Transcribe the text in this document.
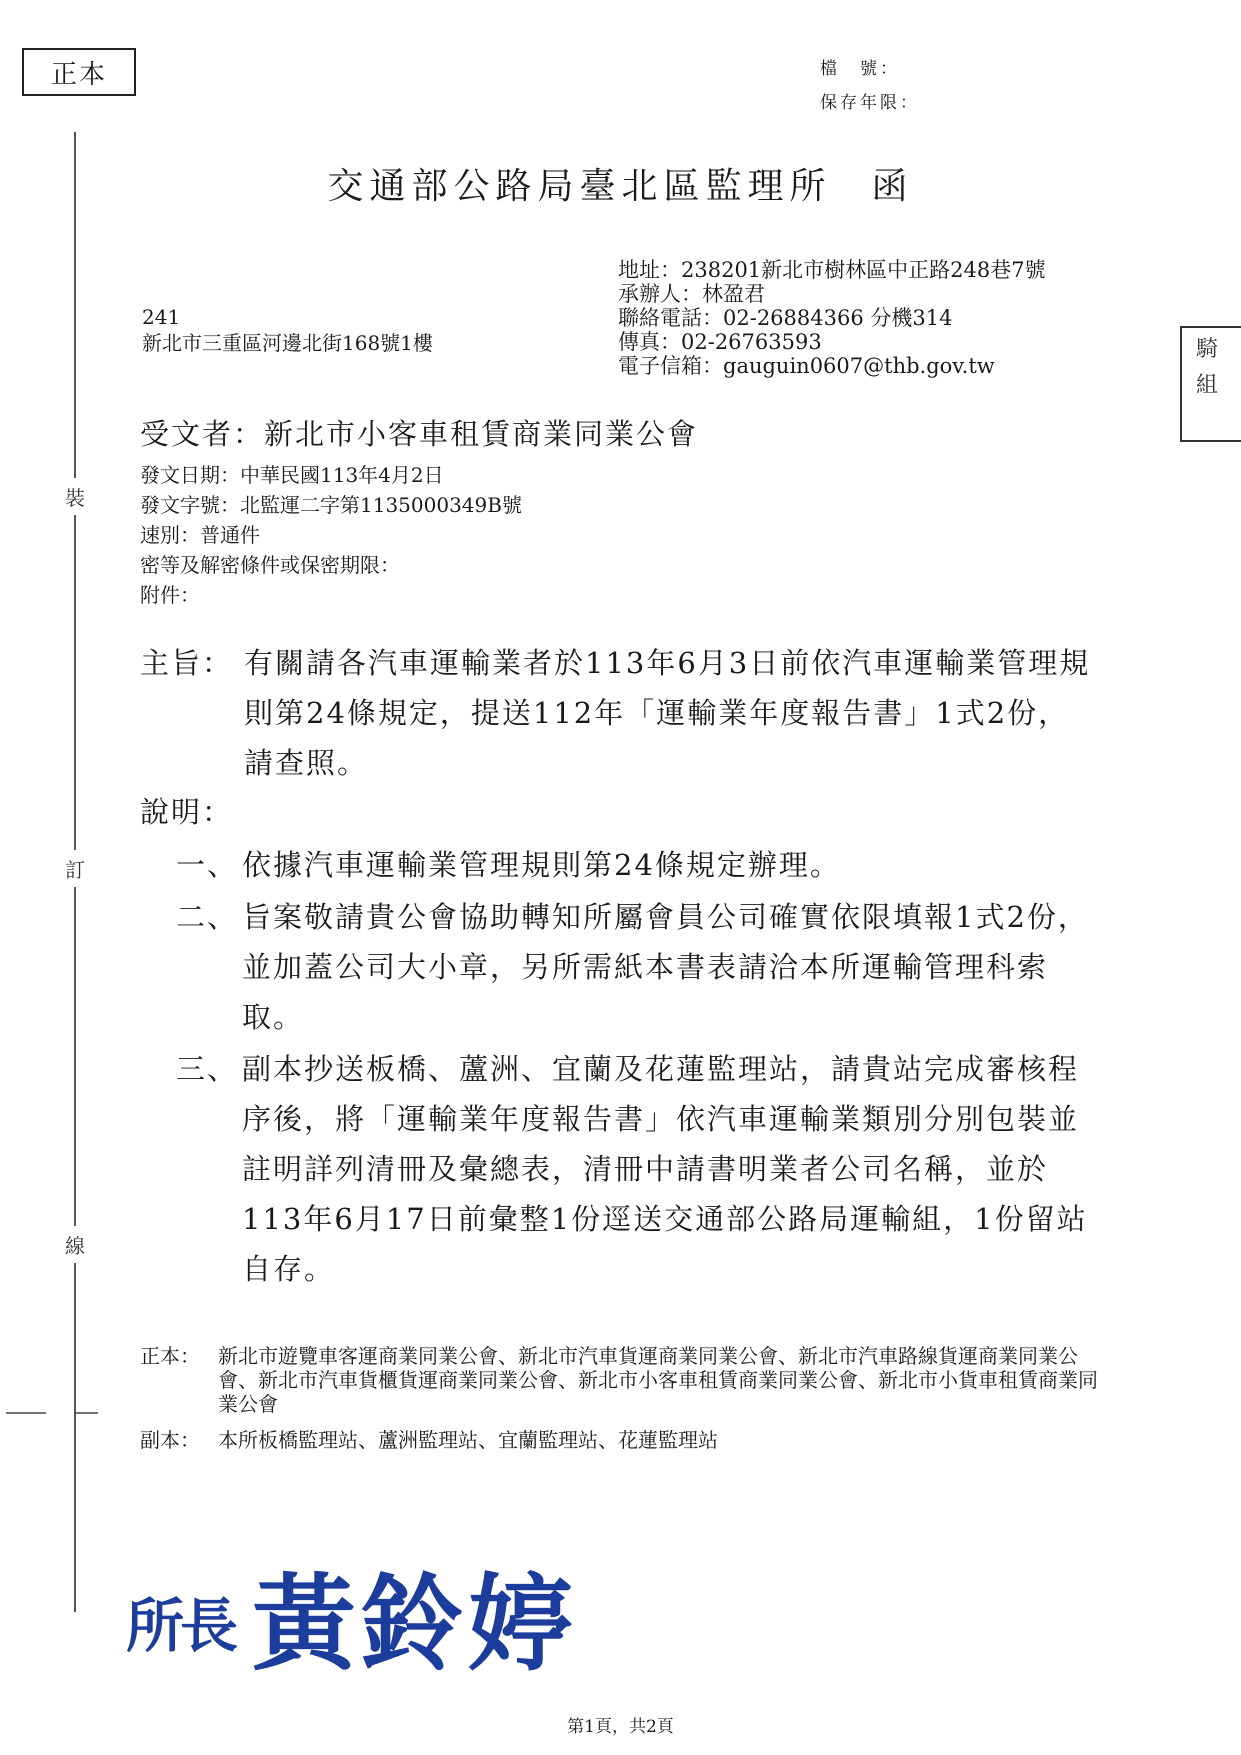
正本	檔　號：
保存年限：
裝
訂
線
交通部公路局臺北區監理所 函
地址：238201新北市樹林區中正路248巷7號
承辦人：林盈君
聯絡電話：02-26884366 分機314
傳真：02-26763593
電子信箱：gauguin0607@thb.gov.tw
241
新北市三重區河邊北街168號1樓	騎
組
受文者：新北市小客車租賃商業同業公會
發文日期：中華民國113年4月2日
發文字號：北監運二字第1135000349B號
速別：普通件
密等及解密條件或保密期限：
附件：
主旨： 有關請各汽車運輸業者於113年6月3日前依汽車運輸業管理規則第24條規定，提送112年「運輸業年度報告書」1式2份，請查照。
說明：
一、 依據汽車運輸業管理規則第24條規定辦理。
二、 旨案敬請貴公會協助轉知所屬會員公司確實依限填報1式2份，並加蓋公司大小章，另所需紙本書表請洽本所運輸管理科索取。
三、 副本抄送板橋、蘆洲、宜蘭及花蓮監理站，請貴站完成審核程序後，將「運輸業年度報告書」依汽車運輸業類別分別包裝並註明詳列清冊及彙總表，清冊中請書明業者公司名稱，並於113年6月17日前彙整1份逕送交通部公路局運輸組，1份留站自存。
正本： 新北市遊覽車客運商業同業公會、新北市汽車貨運商業同業公會、新北市汽車路線貨運商業同業公會、新北市汽車貨櫃貨運商業同業公會、新北市小客車租賃商業同業公會、新北市小貨車租賃商業同業公會
副本： 本所板橋監理站、蘆洲監理站、宜蘭監理站、花蓮監理站
所長 黃鈴婷
第1頁，共2頁
